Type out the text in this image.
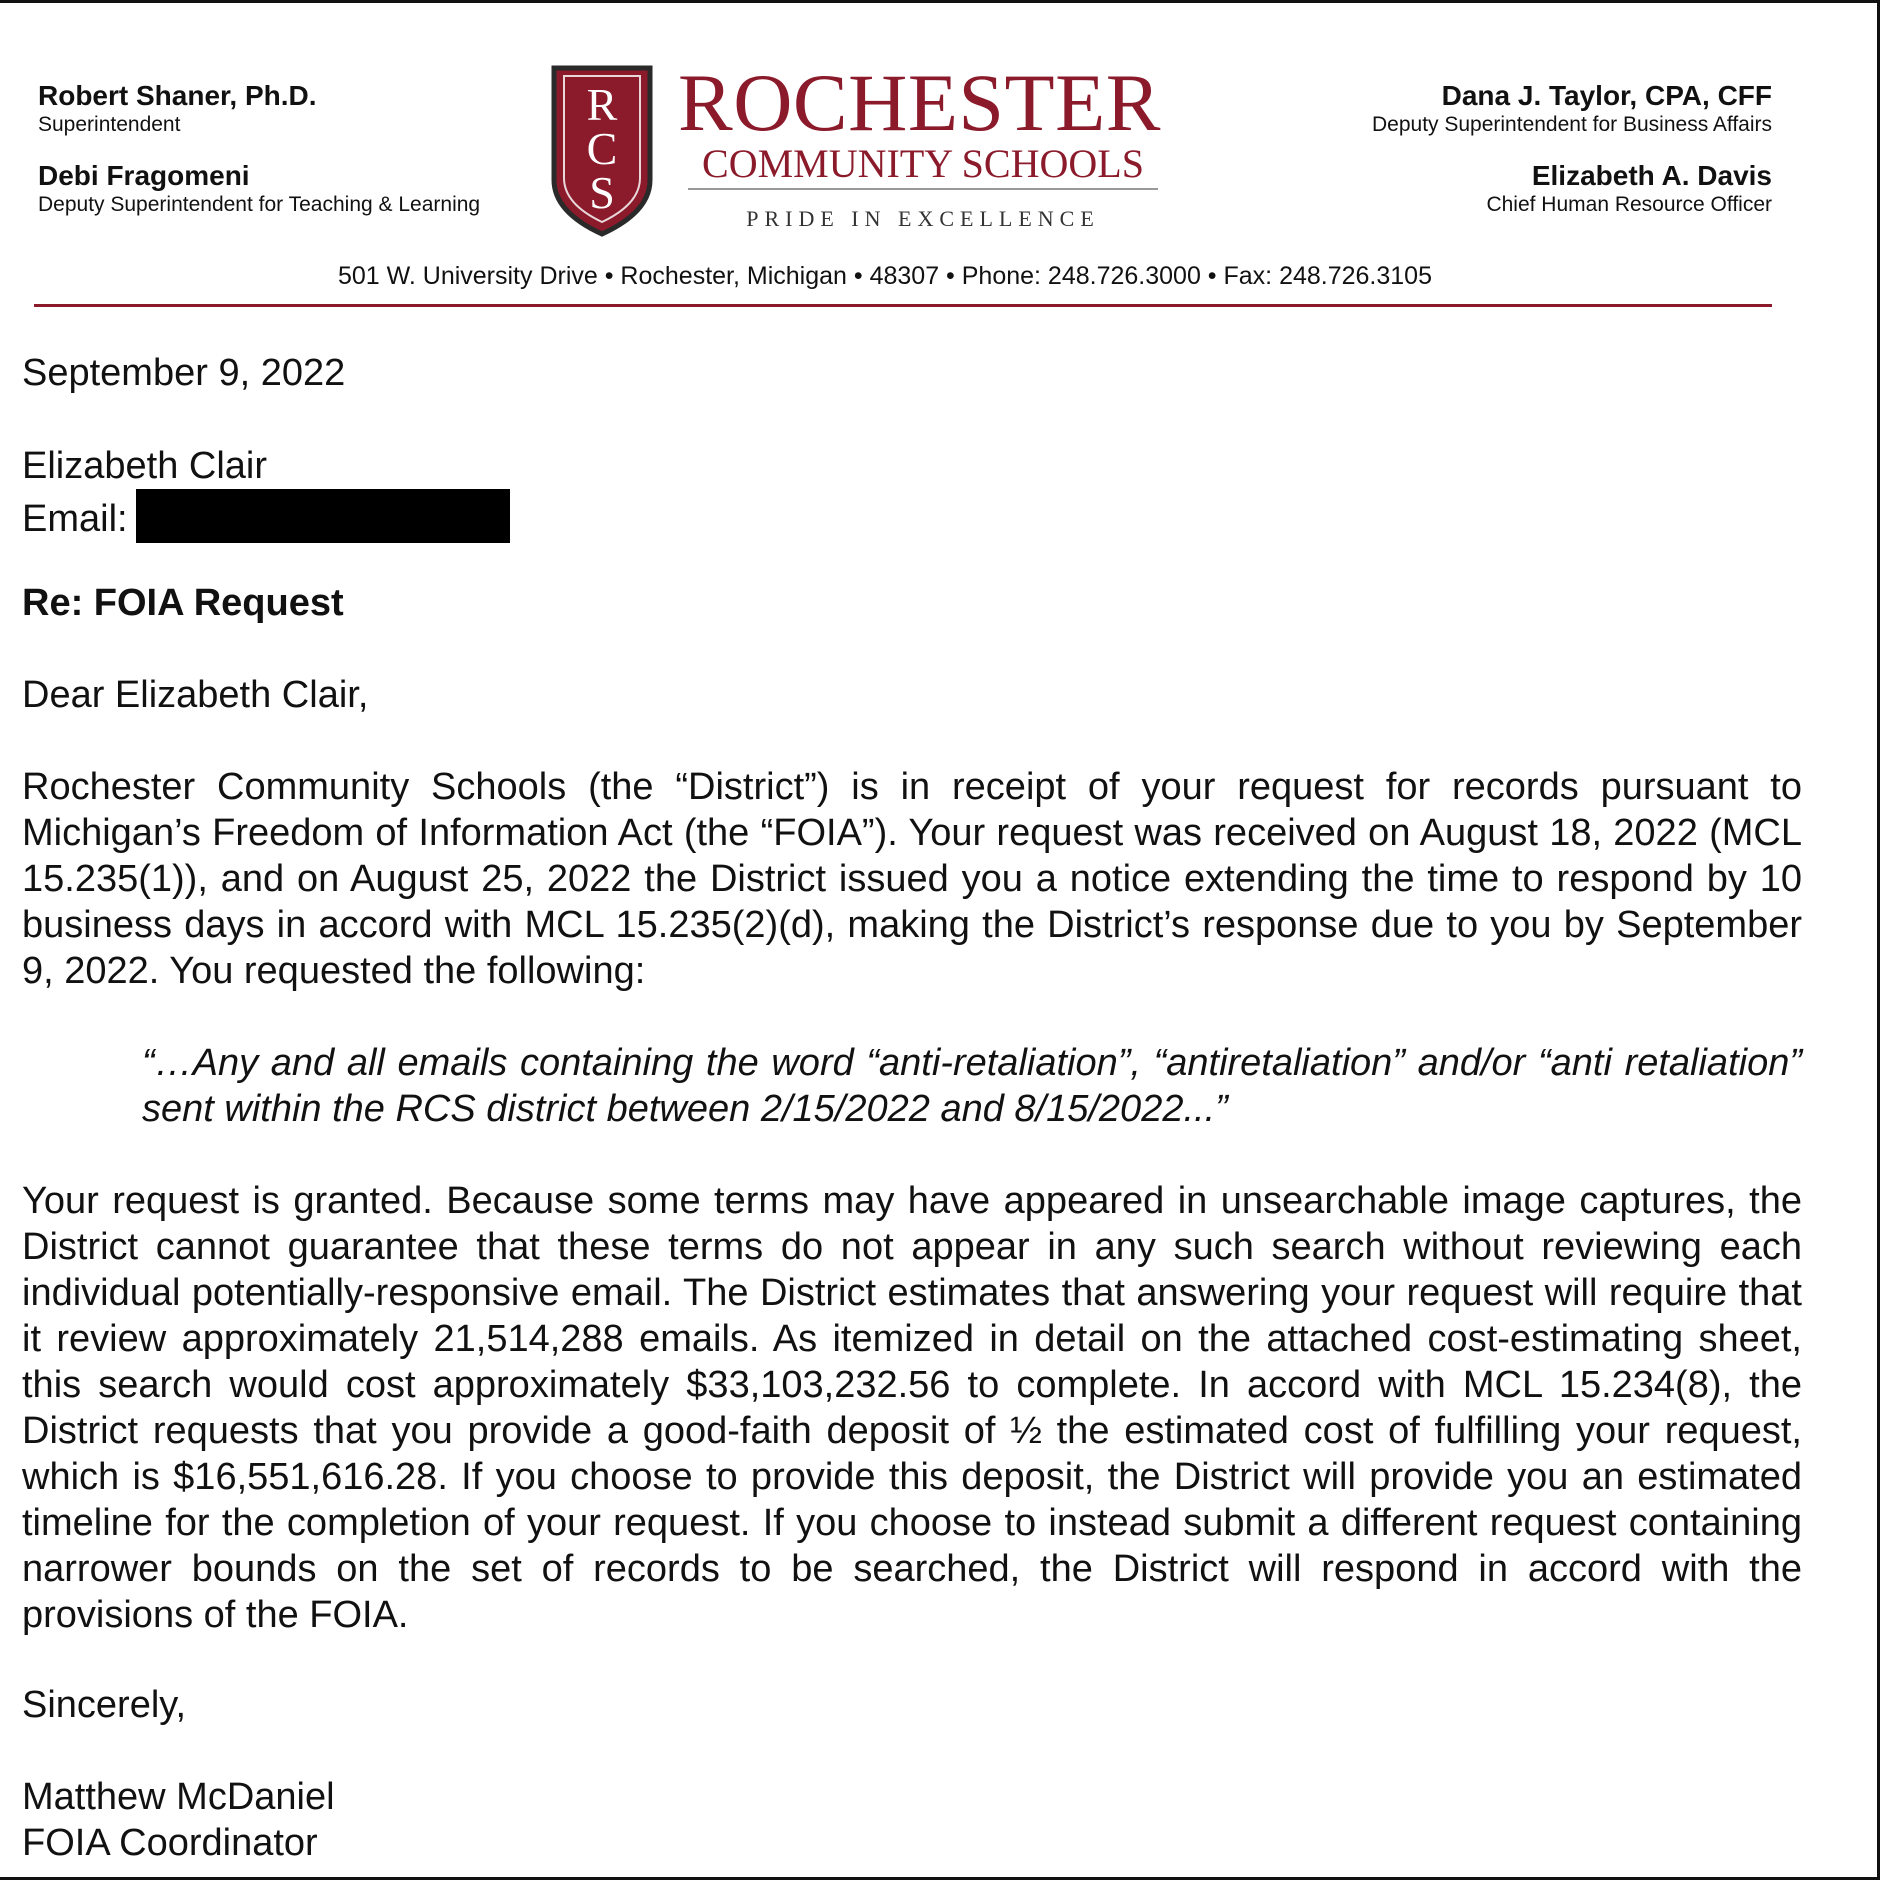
Robert Shaner, Ph.D.
Superintendent
Debi Fragomeni
Deputy Superintendent for Teaching & Learning
R
C
S
ROCHESTER
COMMUNITY SCHOOLS
PRIDE IN EXCELLENCE
Dana J. Taylor, CPA, CFF
Deputy Superintendent for Business Affairs
Elizabeth A. Davis
Chief Human Resource Officer
501 W. University Drive • Rochester, Michigan • 48307 • Phone: 248.726.3000 • Fax: 248.726.3105
September 9, 2022
Elizabeth Clair
Email:
Re: FOIA Request
Dear Elizabeth Clair,
Rochester Community Schools (the “District”) is in receipt of your request for records pursuant to Michigan’s Freedom of Information Act (the “FOIA”). Your request was received on August 18, 2022 (MCL 15.235(1)), and on August 25, 2022 the District issued you a notice extending the time to respond by 10 business days in accord with MCL 15.235(2)(d), making the District’s response due to you by September 9, 2022. You requested the following:
“…Any and all emails containing the word “anti-retaliation”, “antiretaliation” and/or “anti retaliation” sent within the RCS district between 2/15/2022 and 8/15/2022...”
Your request is granted. Because some terms may have appeared in unsearchable image captures, the District cannot guarantee that these terms do not appear in any such search without reviewing each individual potentially-responsive email. The District estimates that answering your request will require that it review approximately 21,514,288 emails. As itemized in detail on the attached cost-estimating sheet, this search would cost approximately $33,103,232.56 to complete. In accord with MCL 15.234(8), the District requests that you provide a good-faith deposit of ½ the estimated cost of fulfilling your request, which is $16,551,616.28. If you choose to provide this deposit, the District will provide you an estimated timeline for the completion of your request. If you choose to instead submit a different request containing narrower bounds on the set of records to be searched, the District will respond in accord with the provisions of the FOIA.
Sincerely,
Matthew McDaniel
FOIA Coordinator
